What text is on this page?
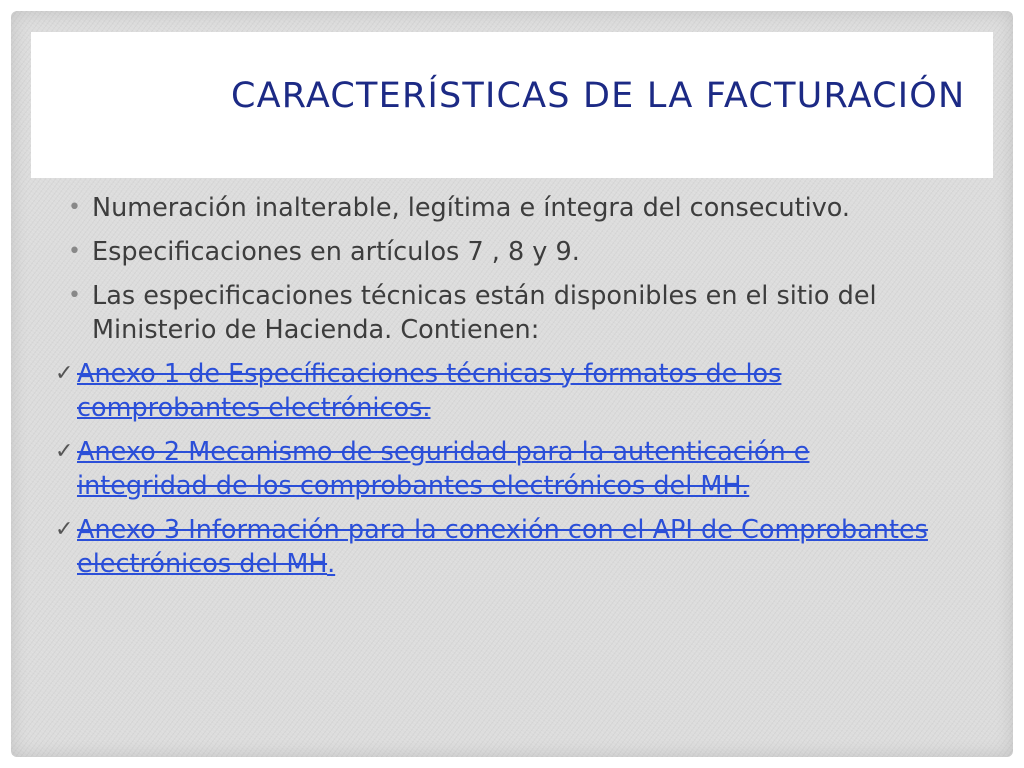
CARACTERÍSTICAS DE LA FACTURACIÓN
• Numeración inalterable, legítima e íntegra del consecutivo.
• Especificaciones en artículos 7 , 8 y 9.
• Las especificaciones técnicas están disponibles en el sitio del Ministerio de Hacienda. Contienen:
✓ Anexo 1 de Específicaciones técnicas y formatos de los comprobantes electrónicos.
✓ Anexo 2 Mecanismo de seguridad para la autenticación e integridad de los comprobantes electrónicos del MH.
✓ Anexo 3 Información para la conexión con el API de Comprobantes electrónicos del MH.
